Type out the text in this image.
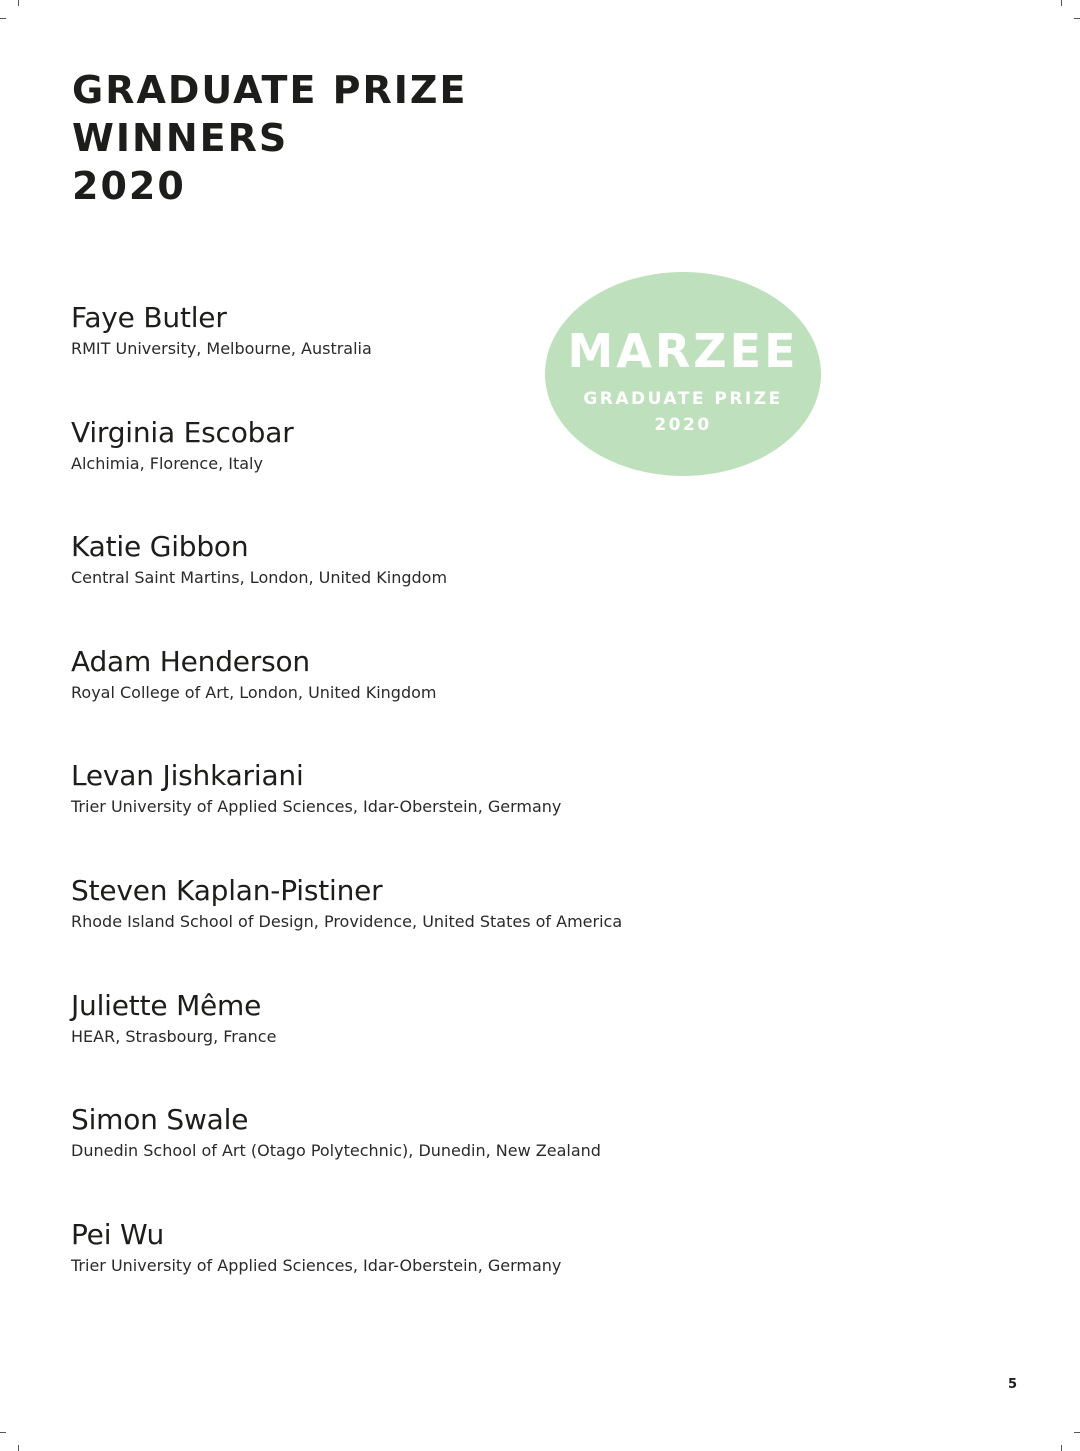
GRADUATE PRIZE
WINNERS
2020
MARZEE
GRADUATE PRIZE
2020
Faye Butler
RMIT University, Melbourne, Australia
Virginia Escobar
Alchimia, Florence, Italy
Katie Gibbon
Central Saint Martins, London, United Kingdom
Adam Henderson
Royal College of Art, London, United Kingdom
Levan Jishkariani
Trier University of Applied Sciences, Idar-Oberstein, Germany
Steven Kaplan-Pistiner
Rhode Island School of Design, Providence, United States of America
Juliette Même
HEAR, Strasbourg, France
Simon Swale
Dunedin School of Art (Otago Polytechnic), Dunedin, New Zealand
Pei Wu
Trier University of Applied Sciences, Idar-Oberstein, Germany
5
